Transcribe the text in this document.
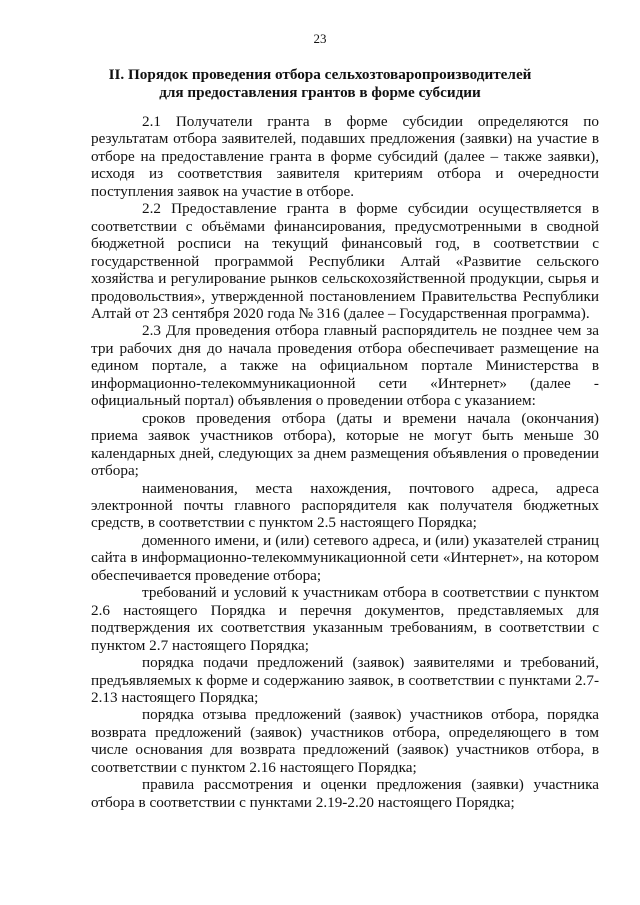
23
II. Порядок проведения отбора сельхозтоваропроизводителей
для предоставления грантов в форме субсидии

2.1 Получатели гранта в форме субсидии определяются по результатам отбора заявителей, подавших предложения (заявки) на участие в отборе на предоставление гранта в форме субсидий (далее – также заявки), исходя из соответствия заявителя критериям отбора и очередности поступления заявок на участие в отборе.

2.2 Предоставление гранта в форме субсидии осуществляется в соответствии с объёмами финансирования, предусмотренными в сводной бюджетной росписи на текущий финансовый год, в соответствии с государственной программой Республики Алтай «Развитие сельского хозяйства и регулирование рынков сельскохозяйственной продукции, сырья и продовольствия», утвержденной постановлением Правительства Республики Алтай от 23 сентября 2020 года № 316 (далее – Государственная программа).

2.3 Для проведения отбора главный распорядитель не позднее чем за три рабочих дня до начала проведения отбора обеспечивает размещение на едином портале, а также на официальном портале Министерства в информационно-телекоммуникационной сети «Интернет» (далее - официальный портал) объявления о проведении отбора с указанием:

сроков проведения отбора (даты и времени начала (окончания) приема заявок участников отбора), которые не могут быть меньше 30 календарных дней, следующих за днем размещения объявления о проведении отбора;

наименования, места нахождения, почтового адреса, адреса электронной почты главного распорядителя как получателя бюджетных средств, в соответствии с пунктом 2.5 настоящего Порядка;

доменного имени, и (или) сетевого адреса, и (или) указателей страниц сайта в информационно-телекоммуникационной сети «Интернет», на котором обеспечивается проведение отбора;

требований и условий к участникам отбора в соответствии с пунктом 2.6 настоящего Порядка и перечня документов, представляемых для подтверждения их соответствия указанным требованиям, в соответствии с пунктом 2.7 настоящего Порядка;

порядка подачи предложений (заявок) заявителями и требований, предъявляемых к форме и содержанию заявок, в соответствии с пунктами 2.7-2.13 настоящего Порядка;

порядка отзыва предложений (заявок) участников отбора, порядка возврата предложений (заявок) участников отбора, определяющего в том числе основания для возврата предложений (заявок) участников отбора, в соответствии с пунктом 2.16 настоящего Порядка;

правила рассмотрения и оценки предложения (заявки) участника отбора в соответствии с пунктами 2.19-2.20 настоящего Порядка;
